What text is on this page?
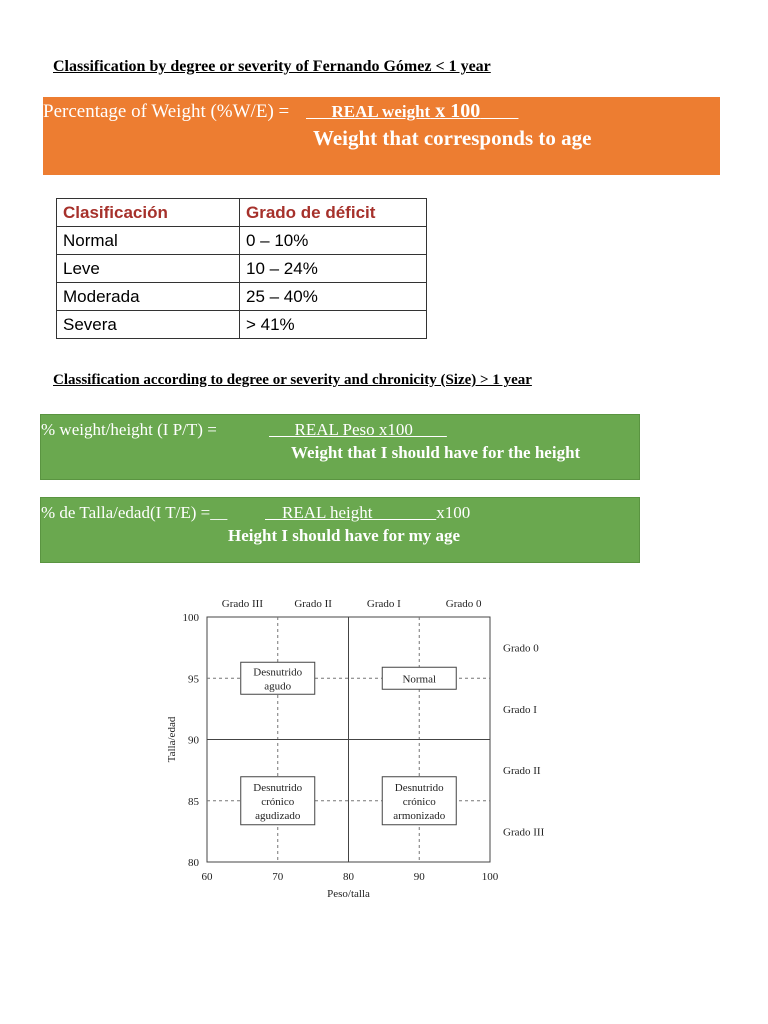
Classification by degree or severity of Fernando Gómez < 1 year
Percentage of Weight (%W/E) =	REAL weight x 100
Weight that corresponds to age
Clasificación	Grado de déficit
Normal	0 – 10%
Leve	10 – 24%
Moderada	25 – 40%
Severa	> 41%
Classification according to degree or severity and chronicity (Size) > 1 year
% weight/height (I P/T) =	REAL Peso x100
Weight that I should have for the height
% de Talla/edad(I T/E) =__ REAL height               x100
Height I should have for my age
60	70	80	90	100
100
95
90
85
80
Peso/talla
Talla/edad
Grado III	Grado II	Grado I	Grado 0
Grado 0
Grado I
Grado II
Grado III
Desnutrido
agudo
Normal
Desnutrido
crónico
agudizado
Desnutrido
crónico
armonizado
